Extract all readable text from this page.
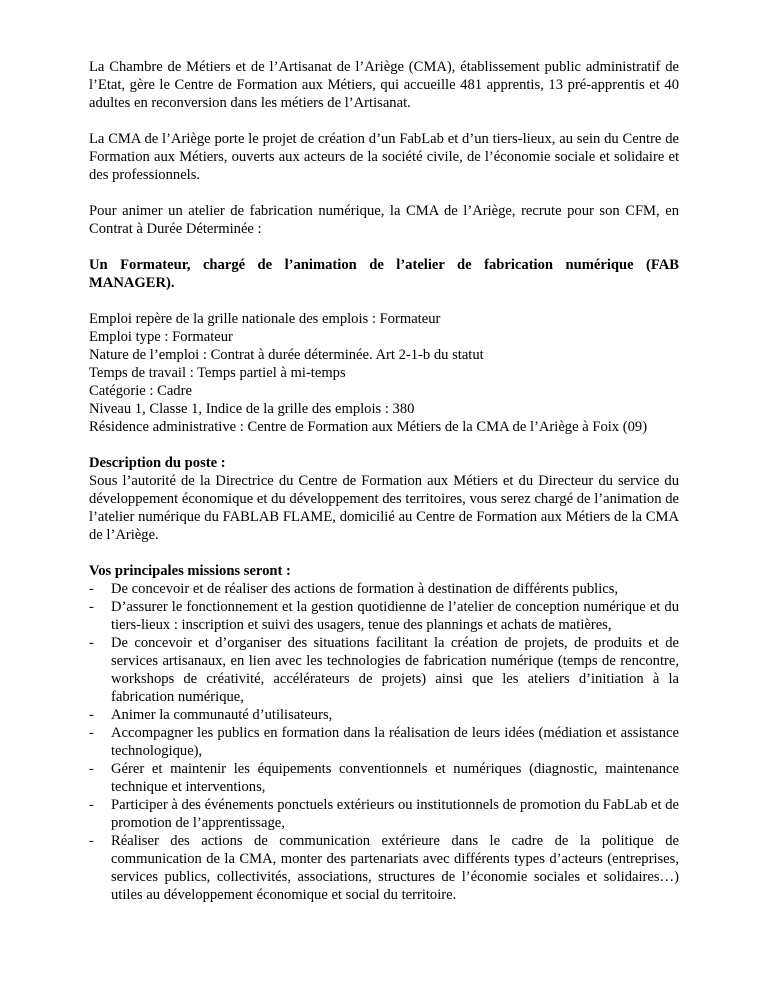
La Chambre de Métiers et de l’Artisanat de l’Ariège (CMA), établissement public administratif de l’Etat, gère le Centre de Formation aux Métiers, qui accueille 481 apprentis, 13 pré-apprentis et 40 adultes en reconversion dans les métiers de l’Artisanat.

La CMA de l’Ariège porte le projet de création d’un FabLab et d’un tiers-lieux, au sein du Centre de Formation aux Métiers, ouverts aux acteurs de la société civile, de l’économie sociale et solidaire et des professionnels.

Pour animer un atelier de fabrication numérique, la CMA de l’Ariège, recrute pour son CFM, en Contrat à Durée Déterminée :

Un Formateur, chargé de l’animation de l’atelier de fabrication numérique (FAB MANAGER).

Emploi repère de la grille nationale des emplois : Formateur
Emploi type : Formateur
Nature de l’emploi : Contrat à durée déterminée. Art 2-1-b du statut
Temps de travail : Temps partiel à mi-temps
Catégorie : Cadre
Niveau 1, Classe 1, Indice de la grille des emplois : 380
Résidence administrative : Centre de Formation aux Métiers de la CMA de l’Ariège à Foix (09)
Description du poste :
Sous l’autorité de la Directrice du Centre de Formation aux Métiers et du Directeur du service du développement économique et du développement des territoires, vous serez chargé de l’animation de l’atelier numérique du FABLAB FLAME, domicilié au Centre de Formation aux Métiers de la CMA de l’Ariège.
Vos principales missions seront :
- De concevoir et de réaliser des actions de formation à destination de différents publics,
- D’assurer le fonctionnement et la gestion quotidienne de l’atelier de conception numérique et du tiers-lieux : inscription et suivi des usagers, tenue des plannings et achats de matières,
- De concevoir et d’organiser des situations facilitant la création de projets, de produits et de services artisanaux, en lien avec les technologies de fabrication numérique (temps de rencontre, workshops de créativité, accélérateurs de projets) ainsi que les ateliers d’initiation à la fabrication numérique,
- Animer la communauté d’utilisateurs,
- Accompagner les publics en formation dans la réalisation de leurs idées (médiation et assistance technologique),
- Gérer et maintenir les équipements conventionnels et numériques (diagnostic, maintenance technique et interventions,
- Participer à des événements ponctuels extérieurs ou institutionnels de promotion du FabLab et de promotion de l’apprentissage,
- Réaliser des actions de communication extérieure dans le cadre de la politique de communication de la CMA, monter des partenariats avec différents types d’acteurs (entreprises, services publics, collectivités, associations, structures de l’économie sociales et solidaires…) utiles au développement économique et social du territoire.
